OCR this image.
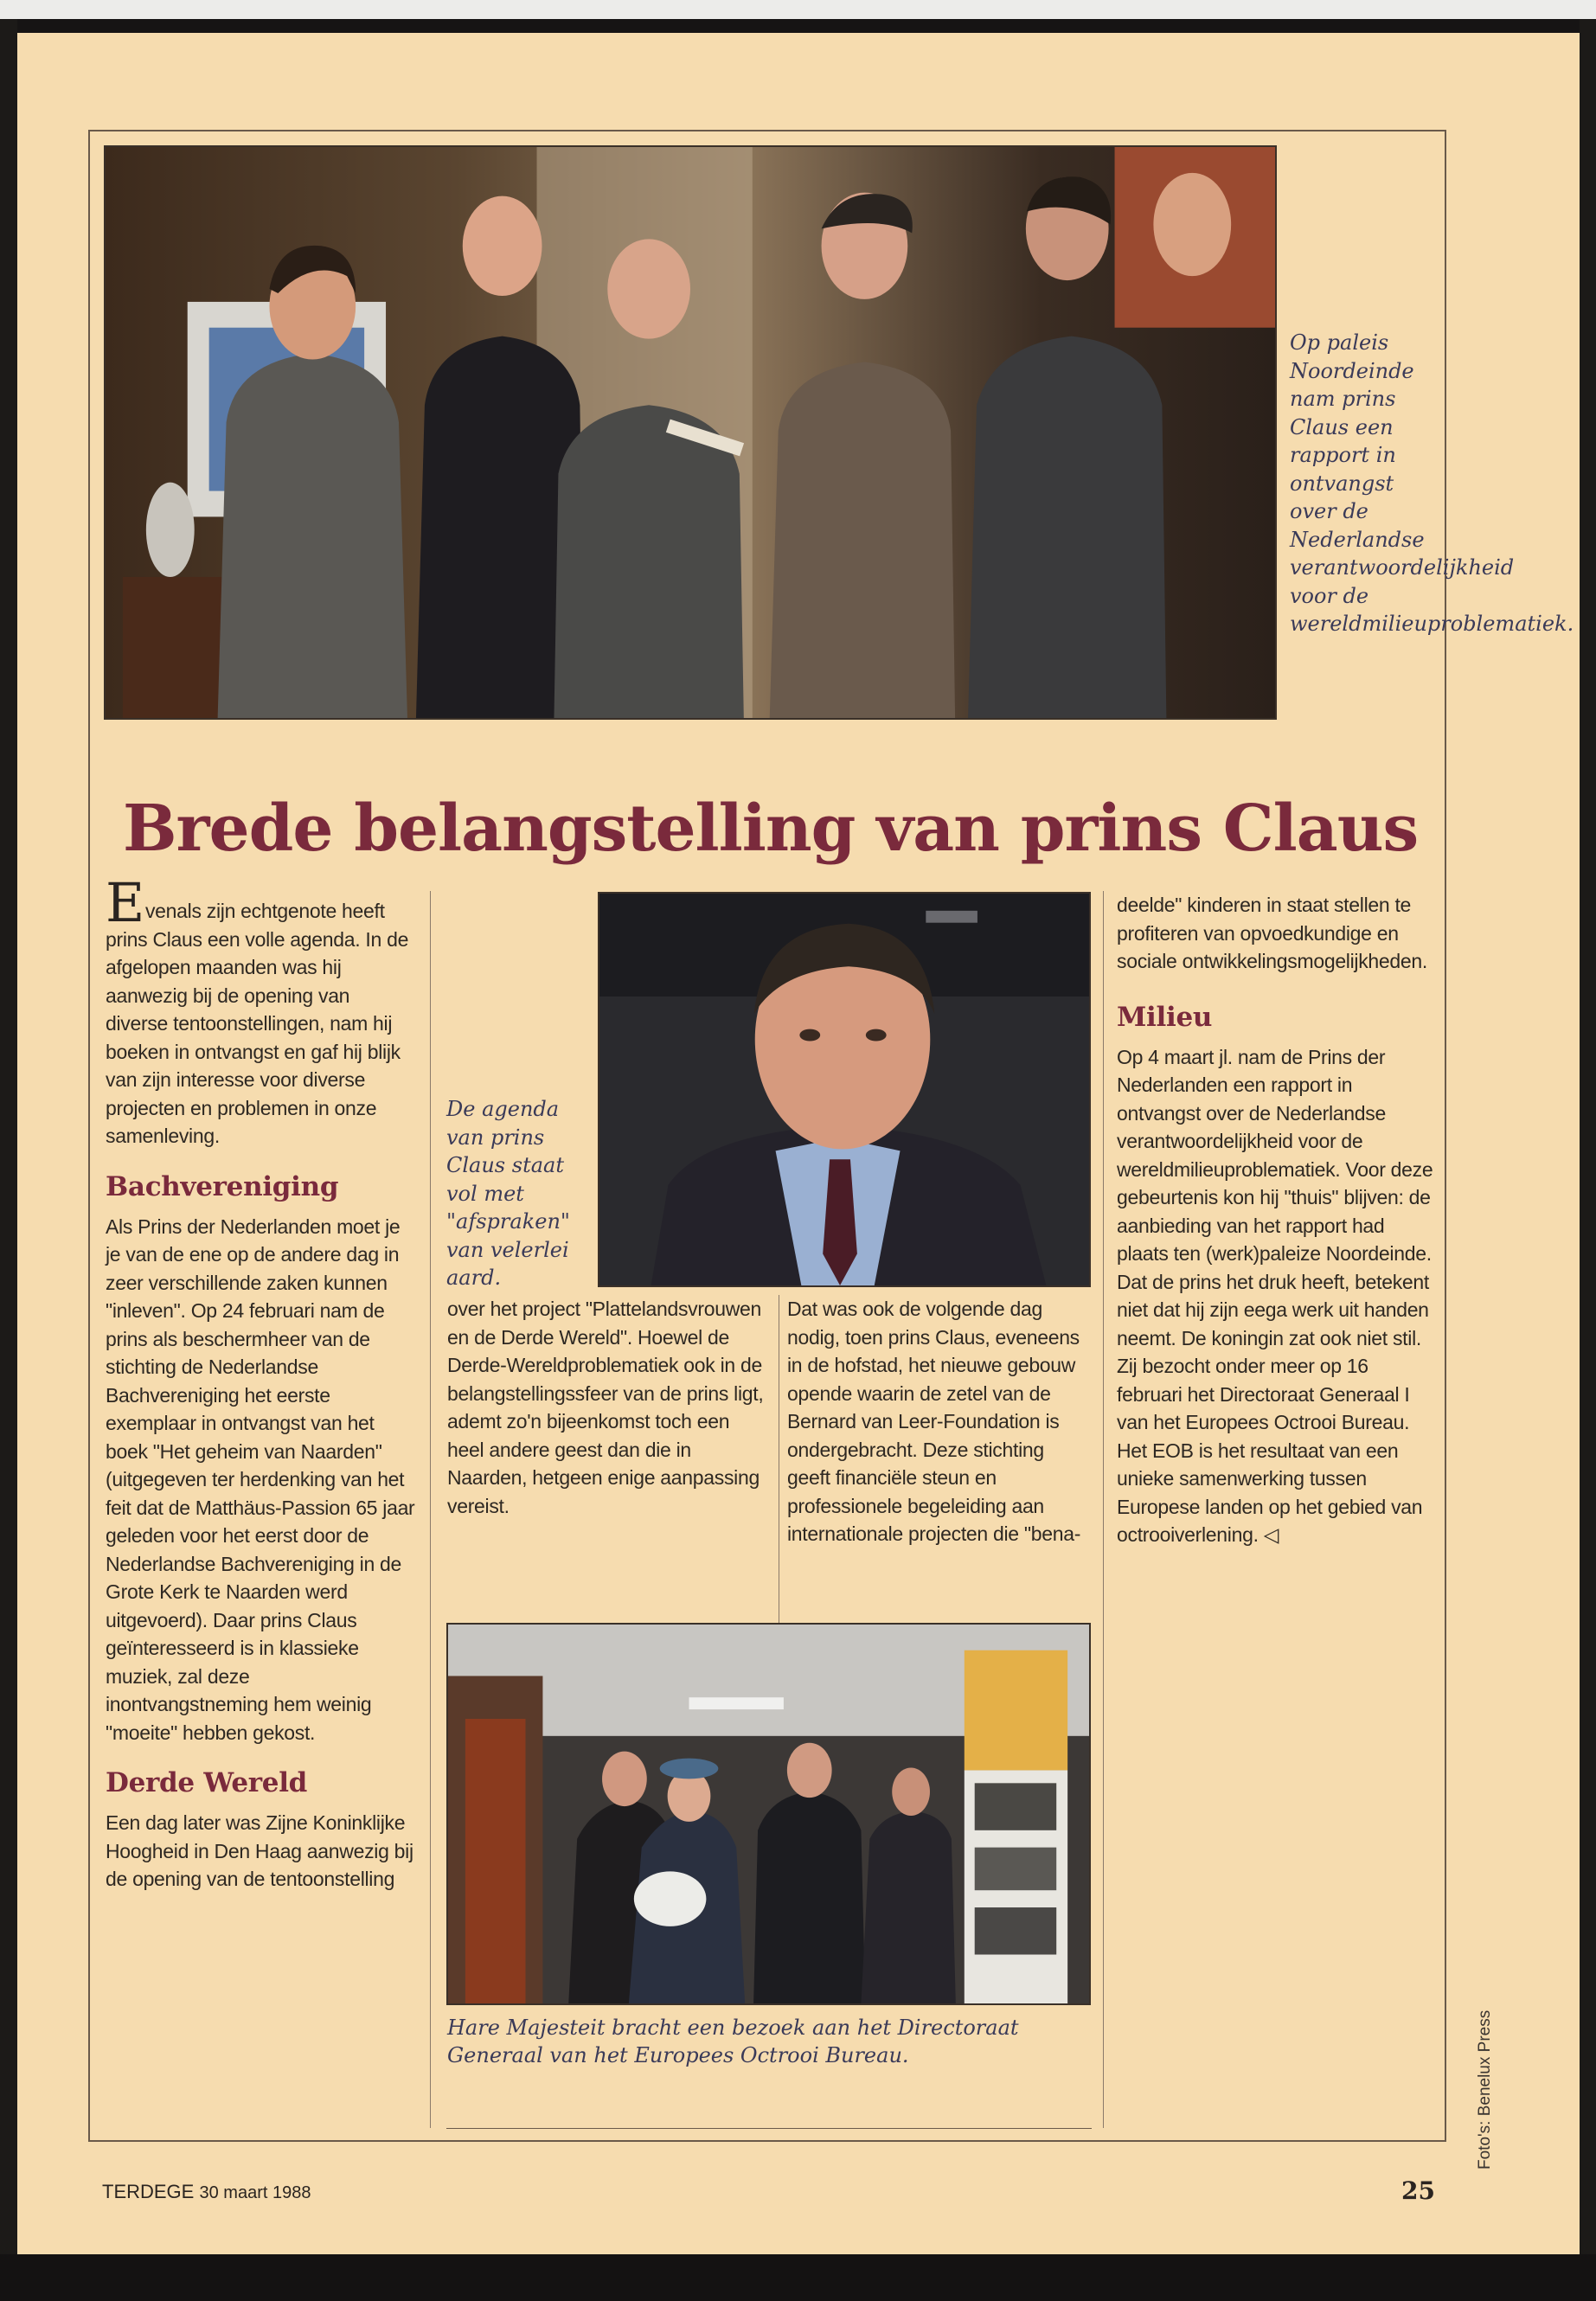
Op paleis Noordeinde nam prins Claus een rapport in ontvangst over de Nederlandse verantwoordelijkheid voor de wereldmilieuproblematiek.
Brede belangstelling van prins Claus

Evenals zijn echtgenote heeft prins Claus een volle agenda. In de afgelopen maanden was hij aanwezig bij de opening van diverse tentoonstellingen, nam hij boeken in ontvangst en gaf hij blijk van zijn interesse voor diverse projecten en problemen in onze samenleving.

Bachvereniging

Als Prins der Nederlanden moet je je van de ene op de andere dag in zeer verschillende zaken kunnen "inleven". Op 24 februari nam de prins als beschermheer van de stichting de Nederlandse Bachvereniging het eerste exemplaar in ontvangst van het boek "Het geheim van Naarden" (uitgegeven ter herdenking van het feit dat de Matthäus-Passion 65 jaar geleden voor het eerst door de Nederlandse Bachvereniging in de Grote Kerk te Naarden werd uitgevoerd). Daar prins Claus geïnteresseerd is in klassieke muziek, zal deze inontvangstneming hem weinig "moeite" hebben gekost.

Derde Wereld

Een dag later was Zijne Koninklijke Hoogheid in Den Haag aanwezig bij de opening van de tentoonstelling

De agenda van prins Claus staat vol met "afspraken" van velerlei aard.

over het project "Plattelandsvrouwen en de Derde Wereld". Hoewel de Derde-Wereldproblematiek ook in de belangstellingssfeer van de prins ligt, ademt zo'n bijeenkomst toch een heel andere geest dan die in Naarden, hetgeen enige aanpassing vereist.

Dat was ook de volgende dag nodig, toen prins Claus, eveneens in de hofstad, het nieuwe gebouw opende waarin de zetel van de Bernard van Leer-Foundation is ondergebracht. Deze stichting geeft financiële steun en professionele begeleiding aan internationale projecten die "bena-

Hare Majesteit bracht een bezoek aan het Directoraat Generaal van het Europees Octrooi Bureau.

deelde" kinderen in staat stellen te profiteren van opvoedkundige en sociale ontwikkelingsmogelijkheden.

Milieu

Op 4 maart jl. nam de Prins der Nederlanden een rapport in ontvangst over de Nederlandse verantwoordelijkheid voor de wereldmilieuproblematiek. Voor deze gebeurtenis kon hij "thuis" blijven: de aanbieding van het rapport had plaats ten (werk)paleize Noordeinde.

Dat de prins het druk heeft, betekent niet dat hij zijn eega werk uit handen neemt. De koningin zat ook niet stil. Zij bezocht onder meer op 16 februari het Directoraat Generaal I van het Europees Octrooi Bureau. Het EOB is het resultaat van een unieke samenwerking tussen Europese landen op het gebied van octrooiverlening. ◁

Foto's: Benelux Press
TERDEGE 30 maart 1988	25
